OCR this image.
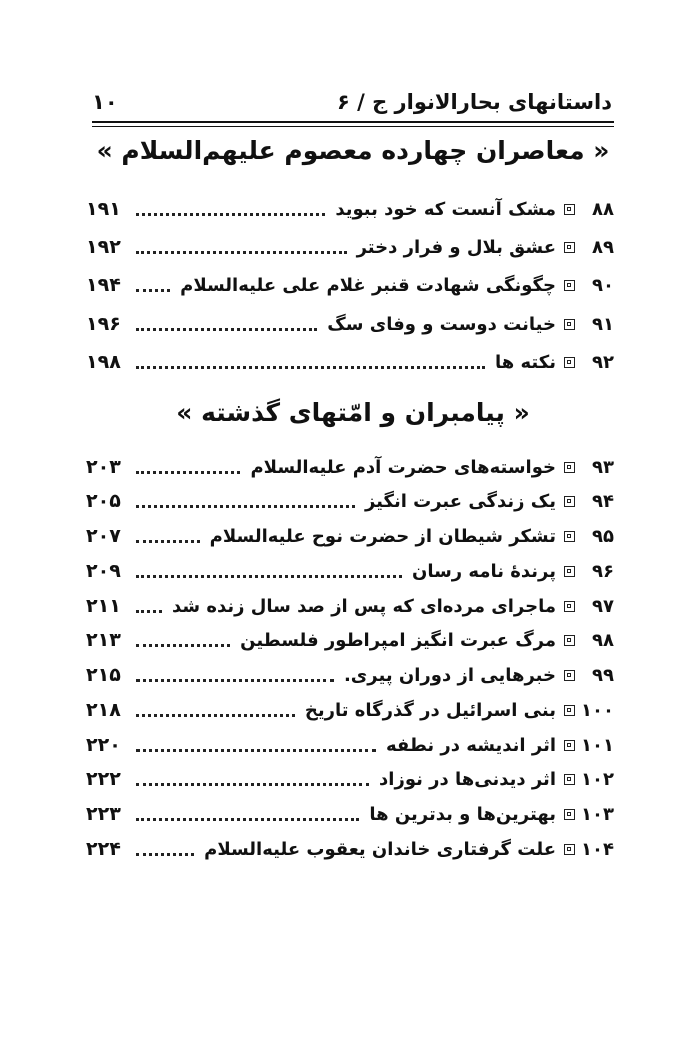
داستانهای بحارالانوار ج / ۶
۱۰
« معاصران چهارده معصوم علیهم‌السلام »
۸۸
مشک آنست که خود ببوید
۱۹۱
۸۹
عشق بلال و فرار دختر
۱۹۲
۹۰
چگونگی شهادت قنبر غلام علی علیه‌السلام
۱۹۴
۹۱
خیانت دوست و وفای سگ
۱۹۶
۹۲
نکته ها
۱۹۸
« پیامبران و امّتهای گذشته »
۹۳
خواسته‌های حضرت آدم علیه‌السلام
۲۰۳
۹۴
یک زندگی عبرت انگیز
۲۰۵
۹۵
تشکر شیطان از حضرت نوح علیه‌السلام
۲۰۷
۹۶
پرندهٔ نامه رسان
۲۰۹
۹۷
ماجرای مرده‌ای که پس از صد سال زنده شد
۲۱۱
۹۸
مرگ عبرت انگیز امپراطور فلسطین
۲۱۳
۹۹
خبرهایی از دوران پیری.
۲۱۵
۱۰۰
بنی اسرائیل در گذرگاه تاریخ
۲۱۸
۱۰۱
اثر اندیشه در نطفه
۲۲۰
۱۰۲
اثر دیدنی‌ها در نوزاد
۲۲۲
۱۰۳
بهترین‌ها و بدترین ها
۲۲۳
۱۰۴
علت گرفتاری خاندان یعقوب علیه‌السلام
۲۲۴
